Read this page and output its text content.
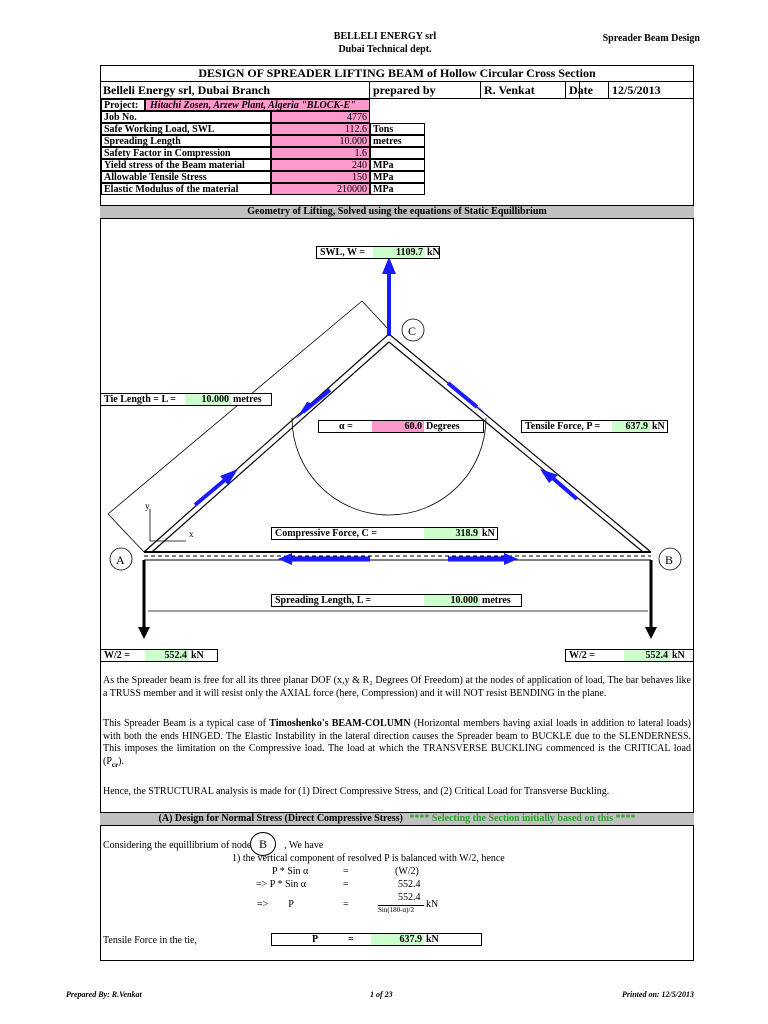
BELLELI ENERGY srl
Dubai Technical dept.
Spreader Beam Design
DESIGN OF SPREADER LIFTING BEAM of Hollow Circular Cross Section
Belleli Energy srl, Dubai Branch	prepared by	R. Venkat	Date	12/5/2013
Project:	Hitachi Zosen, Arzew Plant, Algeria "BLOCK-E"
Job No.	4776
Safe Working Load, SWL	112.6 Tons
Spreading Length	10.000 metres
Safety Factor in Compression	1.6
Yield stress of the Beam material	240 MPa
Allowable Tensile Stress	150 MPa
Elastic Modulus of the material	210000 MPa
Geometry of Lifting, Solved using the equations of Static Equillibrium
y
x
C
A	B
SWL, W =	1109.7 kN
Tie Length = L =	10.000 metres
α =	60.0 Degrees	Tensile Force, P =	637.9 kN
Compressive Force, C =	318.9 kN
Spreading Length, L =	10.000 metres
W/2 =	552.4 kN	W/2 =	552.4 kN
As the Spreader beam is free for all its three planar DOF (x,y & R₂ Degrees Of Freedom) at the nodes of application of load, The bar behaves like a TRUSS member and it will resist only the AXIAL force (here, Compression) and it will NOT resist BENDING in the plane.
This Spreader Beam is a typical case of Timoshenko's BEAM-COLUMN (Horizontal members having axial loads in addition to lateral loads) with both the ends HINGED. The Elastic Instability in the lateral direction causes the Spreader beam to BUCKLE due to the SLENDERNESS. This imposes the limitation on the Compressive load. The load at which the TRANSVERSE BUCKLING commenced is the CRITICAL load $(P_{cr})$.
Hence, the STRUCTURAL analysis is made for (1) Direct Compressive Stress, and (2) Critical Load for Transverse Buckling.
(A) Design for Normal Stress (Direct Compressive Stress) **** Selecting the Section initially based on this ****
Considering the equillibrium of node B	, We have
1) the vertical component of resolved P is balanced with W/2, hence
P * Sin α	=	(W/2)
=> P * Sin α	=	552.4
=>        P	=
552.4
Sin(180-α)/2 kN
Tensile Force in the tie,	P	=	637.9 kN
Prepared By: R.Venkat	1 of 23	Printed on: 12/5/2013
